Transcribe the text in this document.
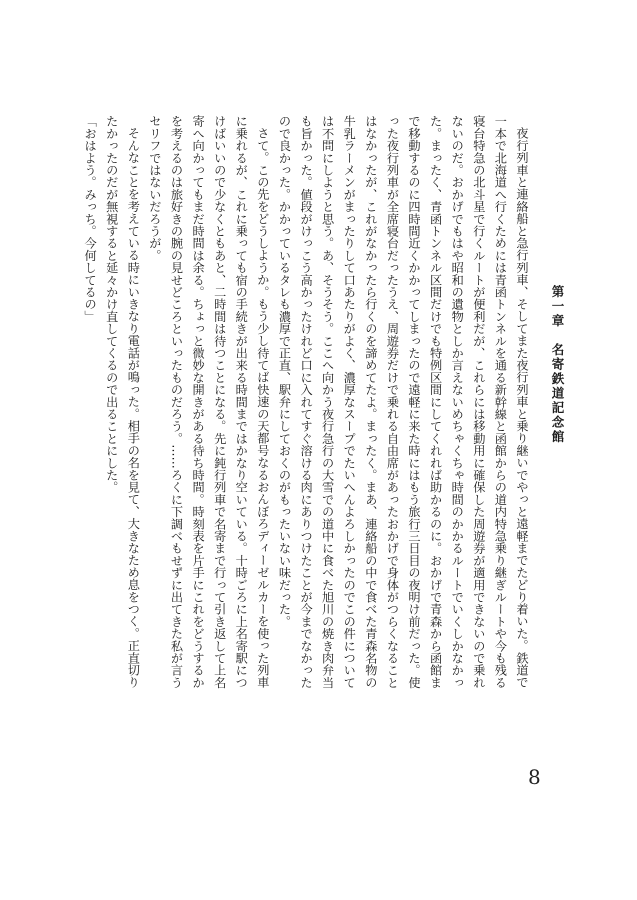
第一章　名寄鉄道記念館

夜行列車と連絡船と急行列車、そしてまた夜行列車と乗り継いでやっと遠軽までたどり着いた。鉄道で一本で北海道へ行くためには青函トンネルを通る新幹線と函館からの道内特急乗り継ぎルートや今も残る寝台特急の北斗星で行くルートが便利だが、これらには移動用に確保した周遊券が適用できないので乗れないのだ。おかげでもはや昭和の遺物としか言えないめちゃくちゃ時間のかかるルートでいくしかなかった。まったく、青函トンネル区間だけでも特例区間にしてくれれば助かるのに。おかげで青森から函館まで移動するのに四時間近くかかってしまったので遠軽に来た時にはもう旅行三日目の夜明け前だった。使った夜行列車が全席寝台だったうえ、周遊券だけで乗れる自由席があったおかげで身体がつらくなることはなかったが、これがなかったら行くのを諦めてたよ。まったく。まあ、連絡船の中で食べた青森名物の牛乳ラーメンがまったりして口あたりがよく、濃厚なスープでたいへんよろしかったのでこの件については不問にしようと思う。あ、そうそう。ここへ向かう夜行急行の大雪での道中に食べた旭川の焼き肉弁当も旨かった。値段がけっこう高かったけれど口に入れてすぐ溶ける肉にありつけたことが今までなかったので良かった。かかっているタレも濃厚で正直、駅弁にしておくのがもったいない味だった。

さて。この先をどうしようか。もう少し待てば快速の天都号なるおんぼろディーゼルカーを使った列車に乗れるが、これに乗っても宿の手続きが出来る時間まではかなり空いている。十時ごろに上名寄駅につけばいいので少なくともあと、二時間は待つことになる。先に鈍行列車で名寄まで行って引き返して上名寄へ向かってもまだ時間は余る。ちょっと微妙な開きがある待ち時間。時刻表を片手にこれをどうするかを考えるのは旅好きの腕の見せどころといったものだろう。……ろくに下調べもせずに出てきた私が言うセリフではないだろうが。

そんなことを考えている時にいきなり電話が鳴った。相手の名を見て、大きなため息をつく。正直切りたかったのだが無視すると延々かけ直してくるので出ることにした。

「おはよう。みっち。今何してるの」

8
